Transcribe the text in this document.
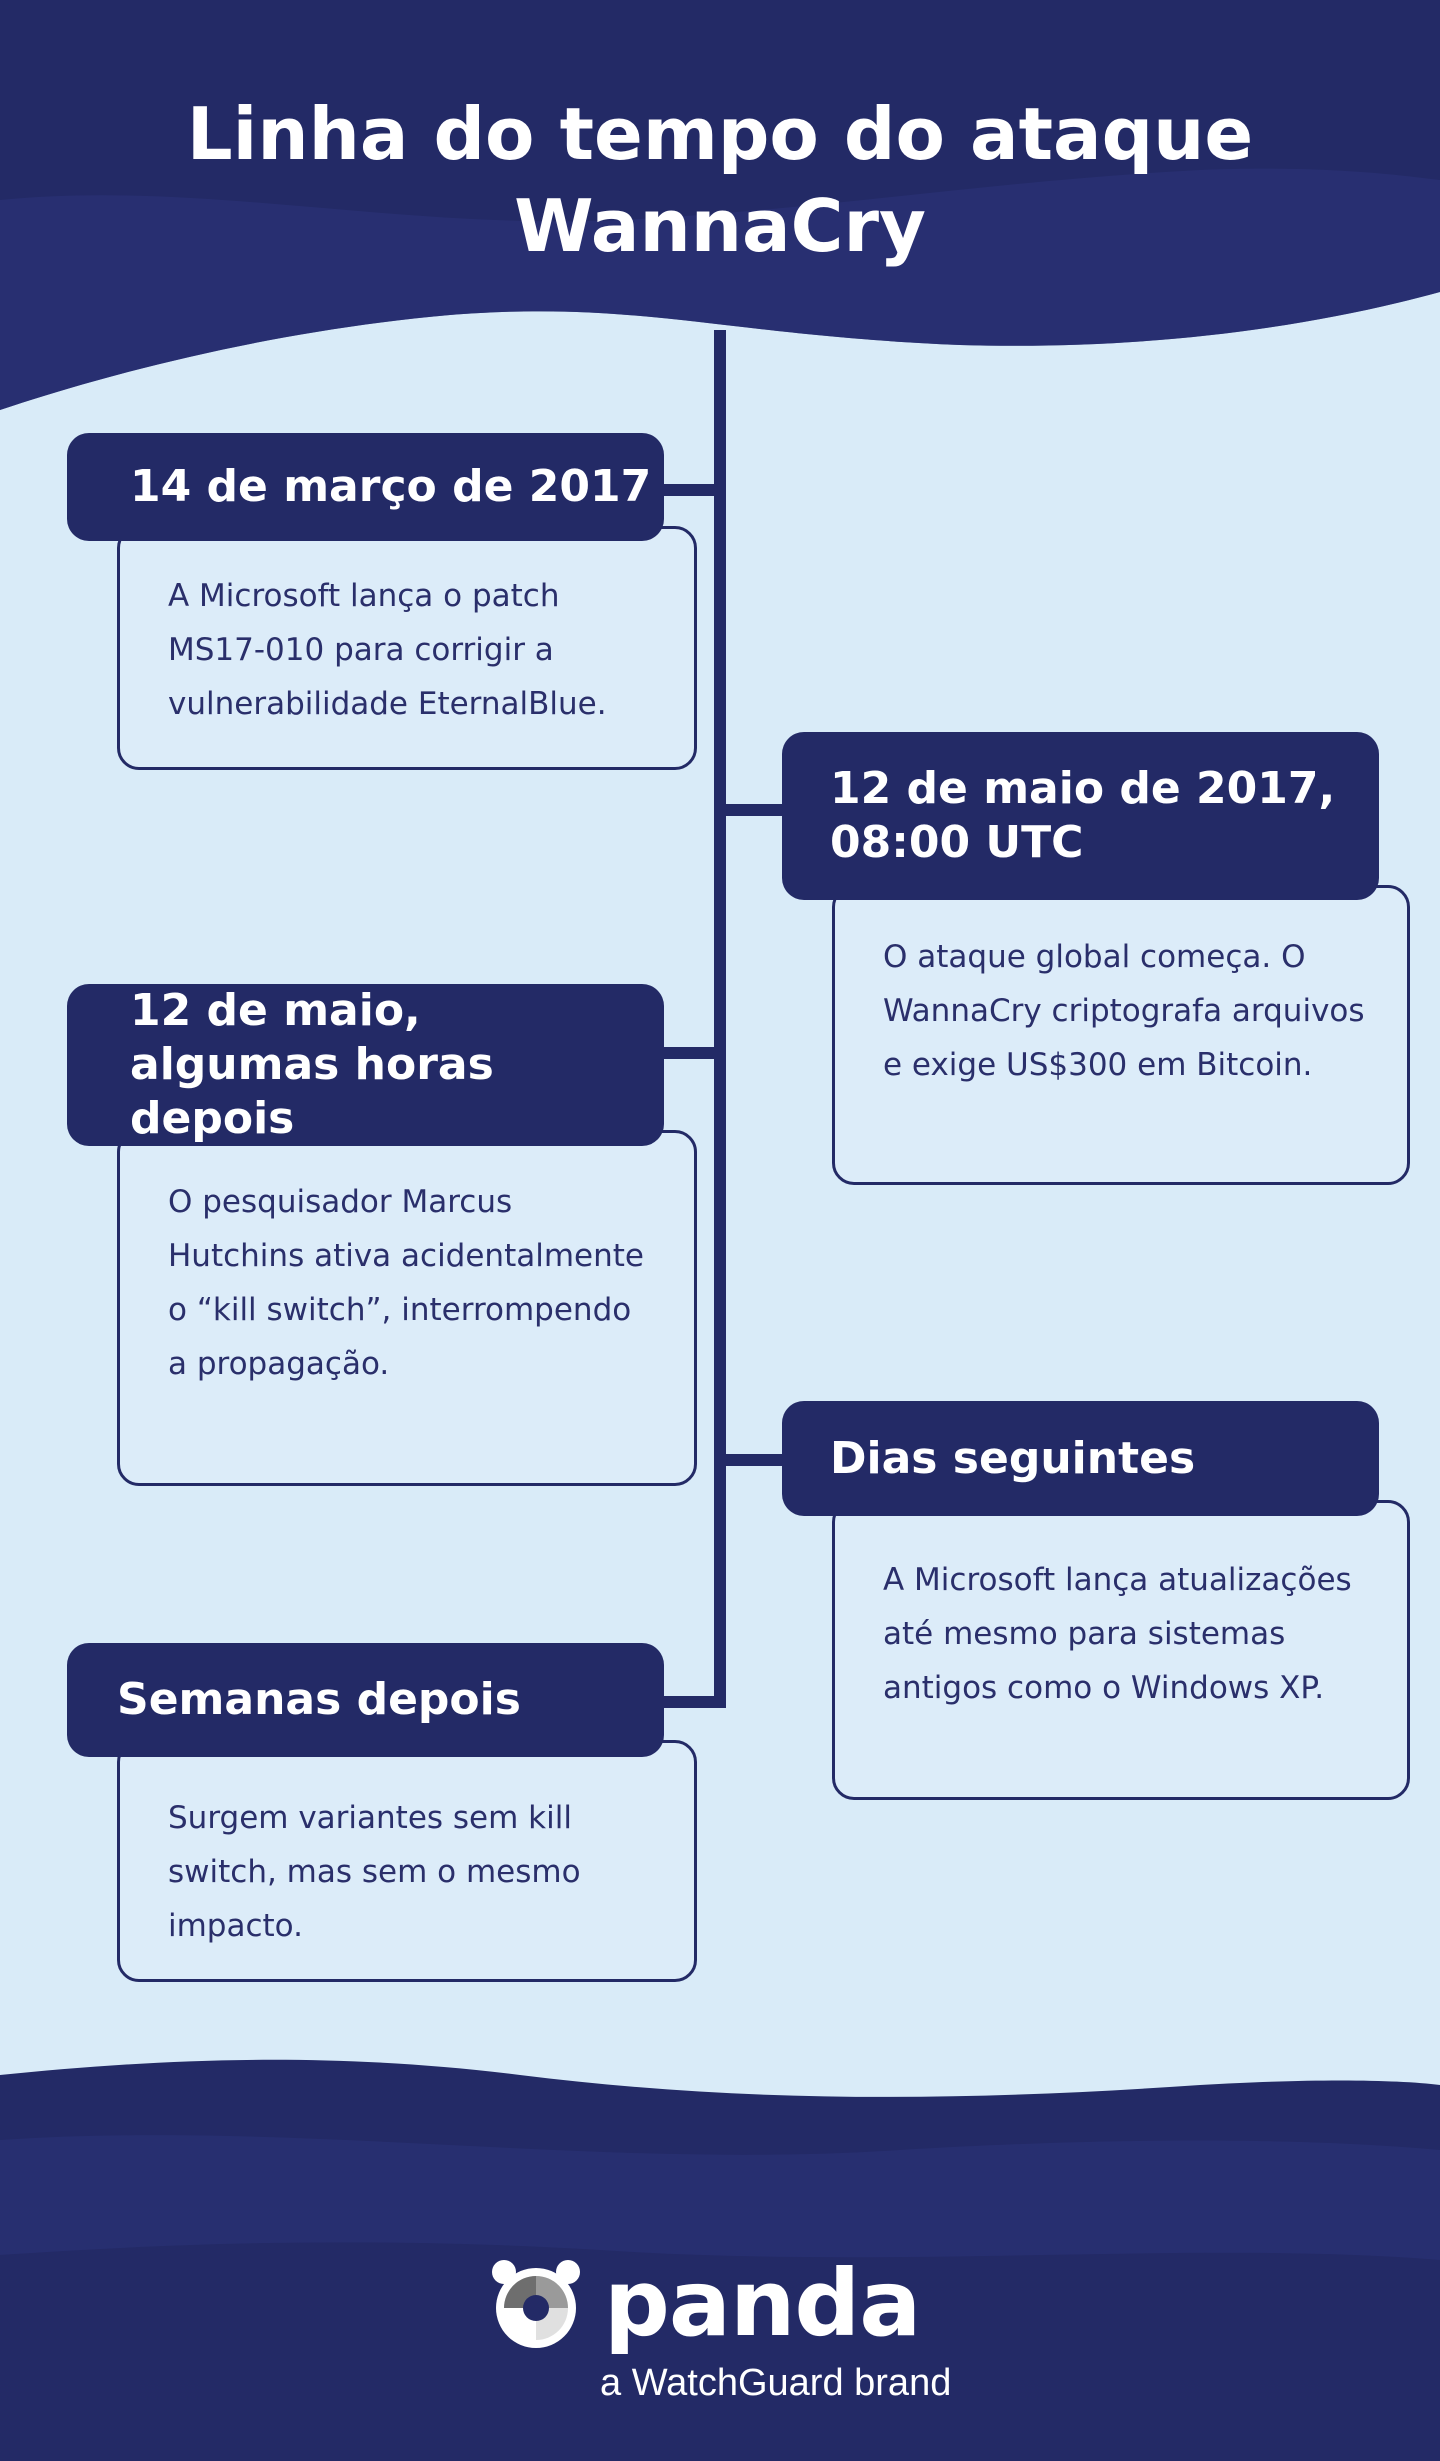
Linha do tempo do ataque
WannaCry
A Microsoft lança o patch MS17-010 para corrigir a vulnerabilidade EternalBlue.
14 de março de 2017
O ataque global começa. O WannaCry criptografa arquivos e exige US$300 em Bitcoin.
12 de maio de 2017, 08:00 UTC
O pesquisador Marcus Hutchins ativa acidentalmente o “kill switch”, interrompendo a propagação.
12 de maio, algumas horas depois
A Microsoft lança atualizações até mesmo para sistemas antigos como o Windows XP.
Dias seguintes
Surgem variantes sem kill switch, mas sem o mesmo impacto.
Semanas depois
panda
a WatchGuard brand
